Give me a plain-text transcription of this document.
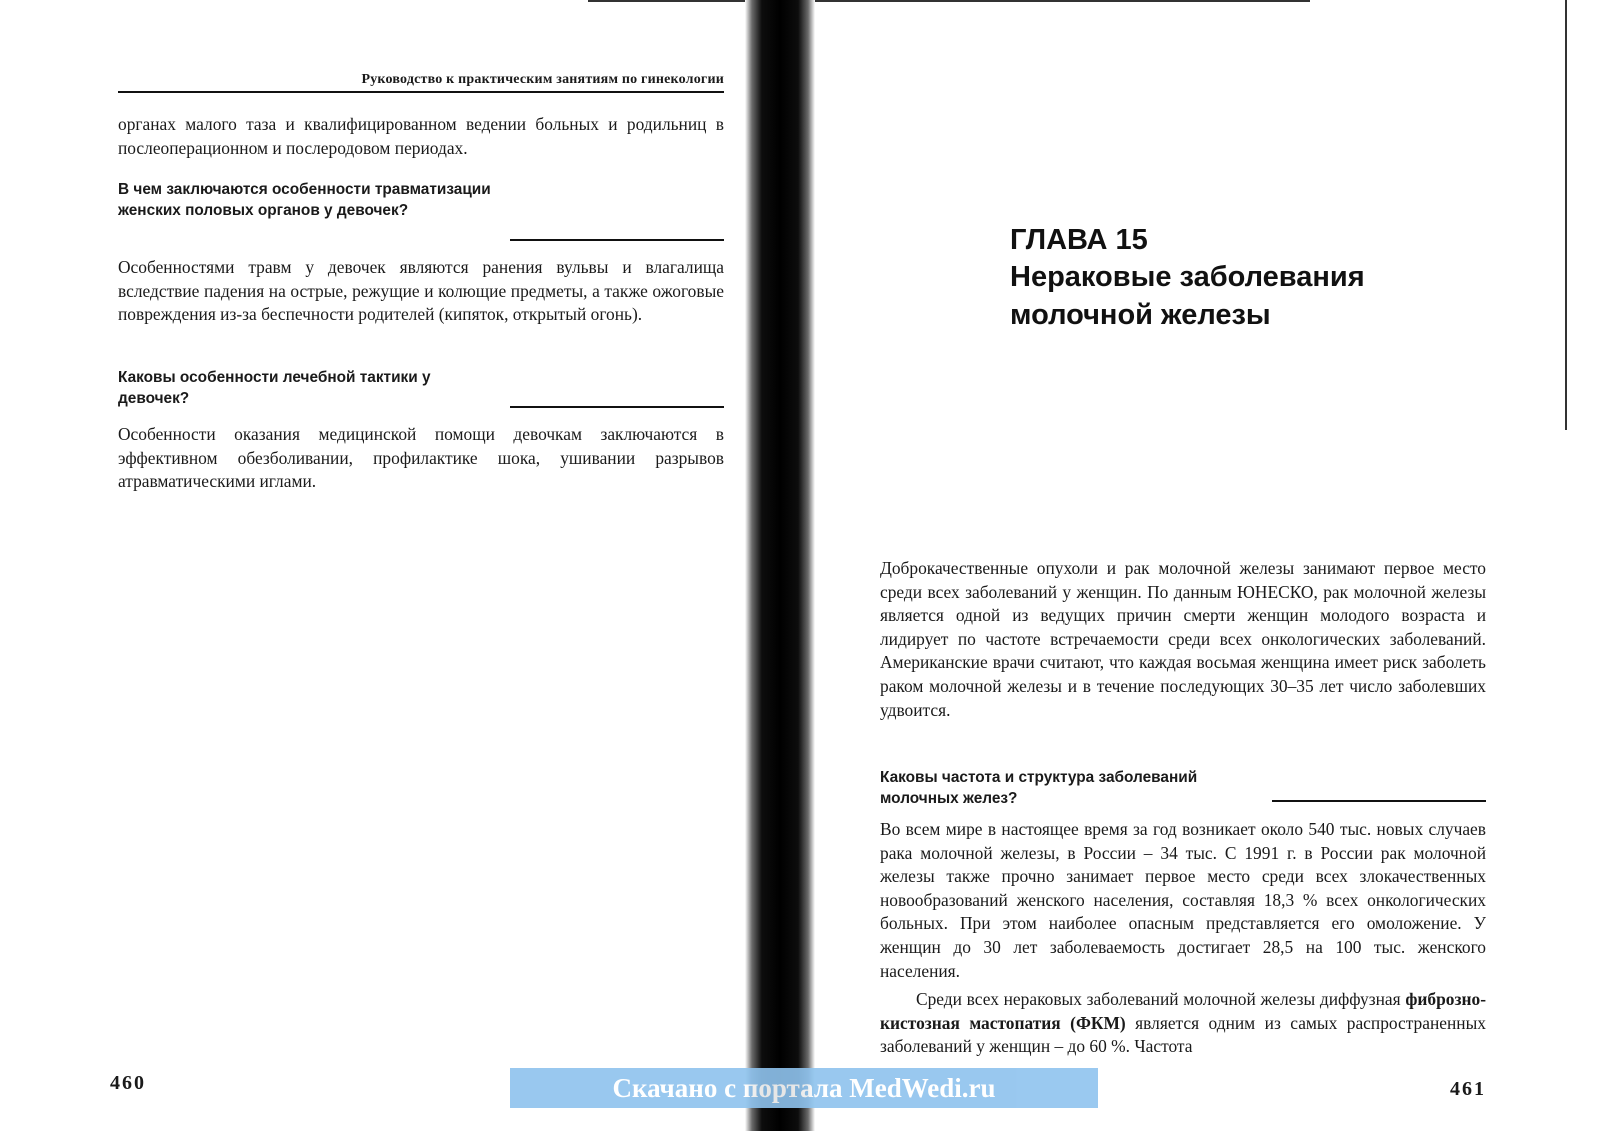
Руководство к практическим занятиям по гинекологии

органах малого таза и квалифицированном ведении больных и родильниц в послеоперационном и послеродовом периодах.

В чем заключаются особенности травматизации женских половых органов у девочек?

Особенностями травм у девочек являются ранения вульвы и влагалища вследствие падения на острые, режущие и колющие предметы, а также ожоговые повреждения из-за беспечности родителей (кипяток, открытый огонь).

Каковы особенности лечебной тактики у девочек?

Особенности оказания медицинской помощи девочкам заключаются в эффективном обезболивании, профилактике шока, ушивании разрывов атравматическими иглами.

460
ГЛАВА 15
Нераковые заболевания молочной железы

Доброкачественные опухоли и рак молочной железы занимают первое место среди всех заболеваний у женщин. По данным ЮНЕСКО, рак молочной железы является одной из ведущих причин смерти женщин молодого возраста и лидирует по частоте встречаемости среди всех онкологических заболеваний. Американские врачи считают, что каждая восьмая женщина имеет риск заболеть раком молочной железы и в течение последующих 30–35 лет число заболевших удвоится.

Каковы частота и структура заболеваний молочных желез?

Во всем мире в настоящее время за год возникает около 540 тыс. новых случаев рака молочной железы, в России – 34 тыс. С 1991 г. в России рак молочной железы также прочно занимает первое место среди всех злокачественных новообразований женского населения, составляя 18,3 % всех онкологических больных. При этом наиболее опасным представляется его омоложение. У женщин до 30 лет заболеваемость достигает 28,5 на 100 тыс. женского населения.

Среди всех нераковых заболеваний молочной железы диффузная фиброзно-кистозная мастопатия (ФКМ) является одним из самых распространенных заболеваний у женщин – до 60 %. Частота

461
Скачано с портала MedWedi.ru
